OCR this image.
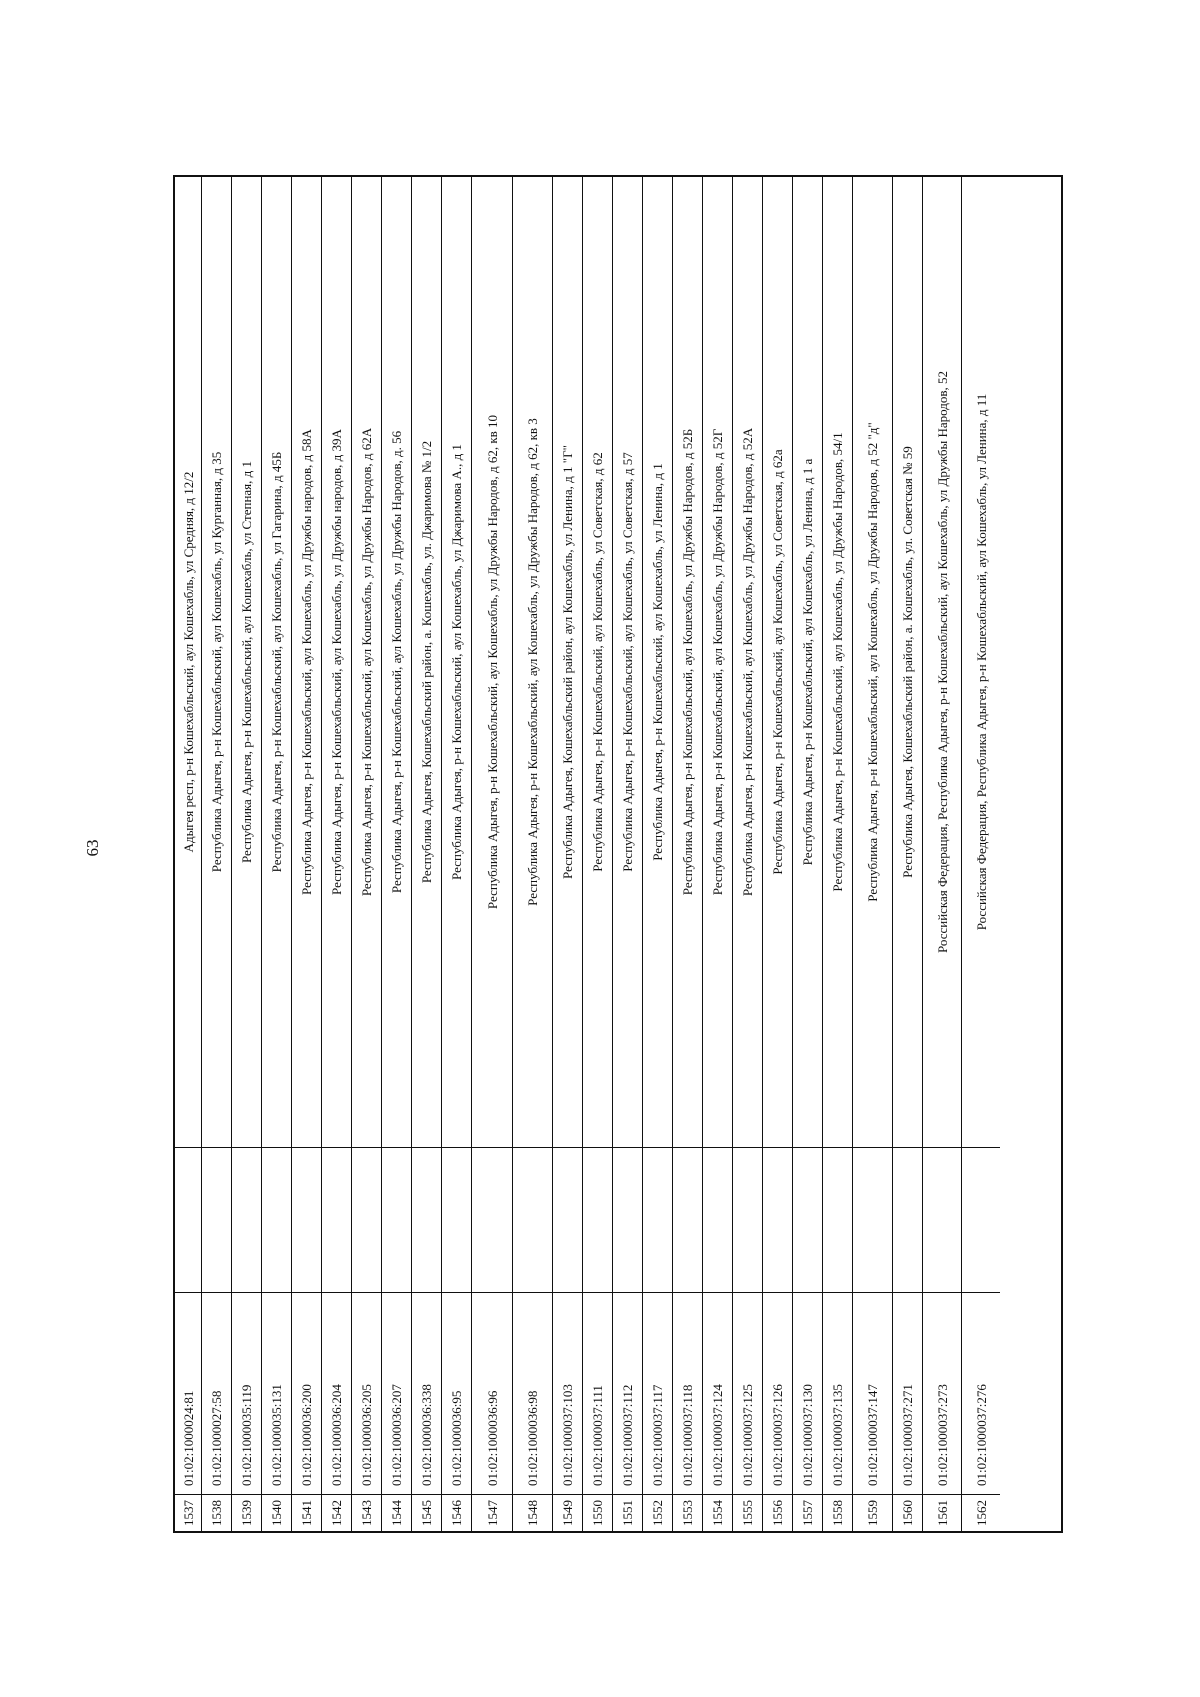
63
1537
01:02:1000024:81
Адыгея респ, р-н Кошехабльский, аул Кошехабль, ул Средняя, д 12/2
1538
01:02:1000027:58
Республика Адыгея, р-н Кошехабльский, аул Кошехабль, ул Курганная, д 35
1539
01:02:1000035:119
Республика Адыгея, р-н Кошехабльский, аул Кошехабль, ул Степная, д 1
1540
01:02:1000035:131
Республика Адыгея, р-н Кошехабльский, аул Кошехабль, ул Гагарина, д 45Б
1541
01:02:1000036:200
Республика Адыгея, р-н Кошехабльский, аул Кошехабль, ул Дружбы народов, д 58А
1542
01:02:1000036:204
Республика Адыгея, р-н Кошехабльский, аул Кошехабль, ул Дружбы народов, д 39А
1543
01:02:1000036:205
Республика Адыгея, р-н Кошехабльский, аул Кошехабль, ул Дружбы Народов, д 62А
1544
01:02:1000036:207
Республика Адыгея, р-н Кошехабльский, аул Кошехабль, ул Дружбы Народов, д. 56
1545
01:02:1000036:338
Республика Адыгея, Кошехабльский район, а. Кошехабль, ул. Джаримова № 1/2
1546
01:02:1000036:95
Республика Адыгея, р-н Кошехабльский, аул Кошехабль, ул Джаримова А., д 1
1547
01:02:1000036:96
Республика Адыгея, р-н Кошехабльский, аул Кошехабль, ул Дружбы Народов, д 62, кв 10
1548
01:02:1000036:98
Республика Адыгея, р-н Кошехабльский, аул Кошехабль, ул Дружбы Народов, д 62, кв 3
1549
01:02:1000037:103
Республика Адыгея, Кошехабльский район, аул Кошехабль, ул Ленина, д 1 "Г"
1550
01:02:1000037:111
Республика Адыгея, р-н Кошехабльский, аул Кошехабль, ул Советская, д 62
1551
01:02:1000037:112
Республика Адыгея, р-н Кошехабльский, аул Кошехабль, ул Советская, д 57
1552
01:02:1000037:117
Республика Адыгея, р-н Кошехабльский, аул Кошехабль, ул Ленина, д 1
1553
01:02:1000037:118
Республика Адыгея, р-н Кошехабльский, аул Кошехабль, ул Дружбы Народов, д 52Б
1554
01:02:1000037:124
Республика Адыгея, р-н Кошехабльский, аул Кошехабль, ул Дружбы Народов, д 52Г
1555
01:02:1000037:125
Республика Адыгея, р-н Кошехабльский, аул Кошехабль, ул Дружбы Народов, д 52А
1556
01:02:1000037:126
Республика Адыгея, р-н Кошехабльский, аул Кошехабль, ул Советская, д 62а
1557
01:02:1000037:130
Республика Адыгея, р-н Кошехабльский, аул Кошехабль, ул Ленина, д 1 а
1558
01:02:1000037:135
Республика Адыгея, р-н Кошехабльский, аул Кошехабль, ул Дружбы Народов, 54/1
1559
01:02:1000037:147
Республика Адыгея, р-н Кошехабльский, аул Кошехабль, ул Дружбы Народов, д 52 "д"
1560
01:02:1000037:271
Республика Адыгея, Кошехабльский район, а. Кошехабль, ул. Советская № 59
1561
01:02:1000037:273
Российская Федерация, Республика Адыгея, р-н Кошехабльский, аул Кошехабль, ул Дружбы Народов, 52
1562
01:02:1000037:276
Российская Федерация, Республика Адыгея, р-н Кошехабльский, аул Кошехабль, ул Ленина, д 11
